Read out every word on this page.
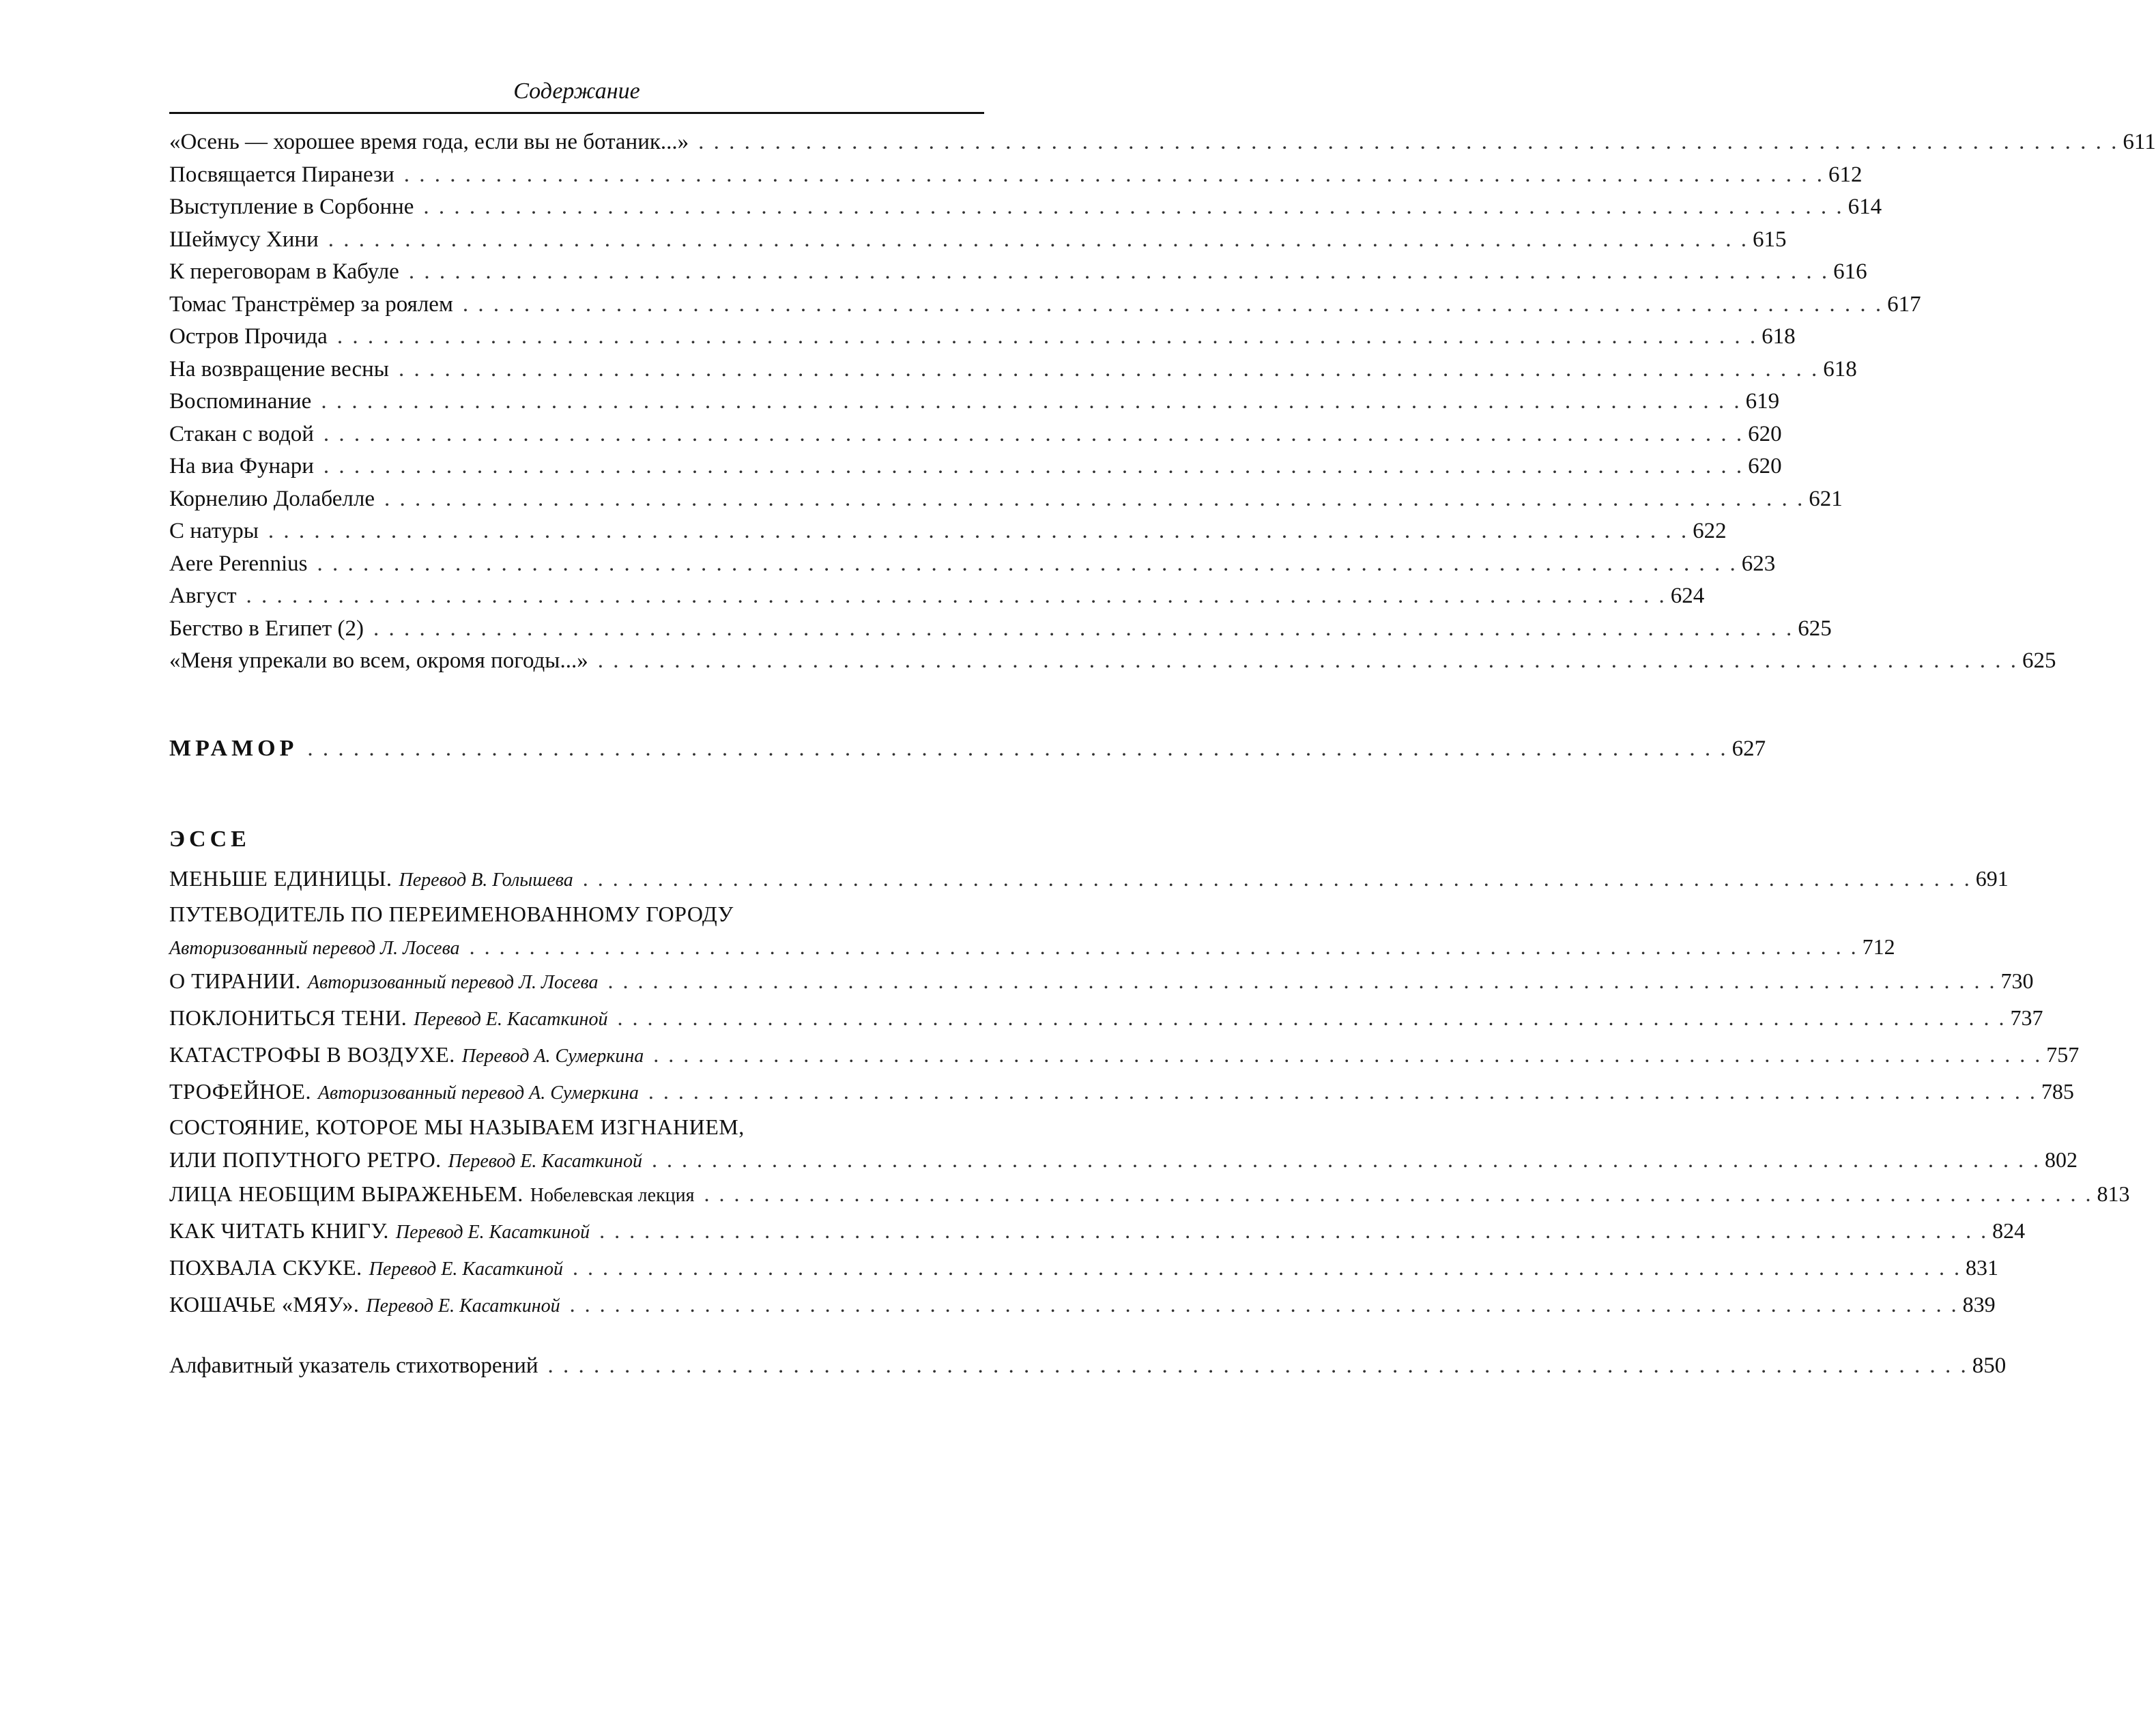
Содержание
«Осень — хорошее время года, если вы не ботаник...» . . . . . . . . . . . . . . . . . . . . . . . . . . . . . . . . . . . . . . . . . . . . . . . . . . . . . . . . . . . . . . . . . . . . . . . . . . . . . . . . . . . . . . . . . . . . . 611
Посвящается Пиранези . . . . . . . . . . . . . . . . . . . . . . . . . . . . . . . . . . . . . . . . . . . . . . . . . . . . . . . . . . . . . . . . . . . . . . . . . . . . . . . . . . . . . . . . . . . . . 612
Выступление в Сорбонне . . . . . . . . . . . . . . . . . . . . . . . . . . . . . . . . . . . . . . . . . . . . . . . . . . . . . . . . . . . . . . . . . . . . . . . . . . . . . . . . . . . . . . . . . . . . . 614
Шеймусу Хини . . . . . . . . . . . . . . . . . . . . . . . . . . . . . . . . . . . . . . . . . . . . . . . . . . . . . . . . . . . . . . . . . . . . . . . . . . . . . . . . . . . . . . . . . . . . . 615
К переговорам в Кабуле . . . . . . . . . . . . . . . . . . . . . . . . . . . . . . . . . . . . . . . . . . . . . . . . . . . . . . . . . . . . . . . . . . . . . . . . . . . . . . . . . . . . . . . . . . . . . 616
Томас Транстрёмер за роялем . . . . . . . . . . . . . . . . . . . . . . . . . . . . . . . . . . . . . . . . . . . . . . . . . . . . . . . . . . . . . . . . . . . . . . . . . . . . . . . . . . . . . . . . . . . . . 617
Остров Прочида . . . . . . . . . . . . . . . . . . . . . . . . . . . . . . . . . . . . . . . . . . . . . . . . . . . . . . . . . . . . . . . . . . . . . . . . . . . . . . . . . . . . . . . . . . . . . 618
На возвращение весны . . . . . . . . . . . . . . . . . . . . . . . . . . . . . . . . . . . . . . . . . . . . . . . . . . . . . . . . . . . . . . . . . . . . . . . . . . . . . . . . . . . . . . . . . . . . . 618
Воспоминание . . . . . . . . . . . . . . . . . . . . . . . . . . . . . . . . . . . . . . . . . . . . . . . . . . . . . . . . . . . . . . . . . . . . . . . . . . . . . . . . . . . . . . . . . . . . . 619
Стакан с водой . . . . . . . . . . . . . . . . . . . . . . . . . . . . . . . . . . . . . . . . . . . . . . . . . . . . . . . . . . . . . . . . . . . . . . . . . . . . . . . . . . . . . . . . . . . . . 620
На виа Фунари . . . . . . . . . . . . . . . . . . . . . . . . . . . . . . . . . . . . . . . . . . . . . . . . . . . . . . . . . . . . . . . . . . . . . . . . . . . . . . . . . . . . . . . . . . . . . 620
Корнелию Долабелле . . . . . . . . . . . . . . . . . . . . . . . . . . . . . . . . . . . . . . . . . . . . . . . . . . . . . . . . . . . . . . . . . . . . . . . . . . . . . . . . . . . . . . . . . . . . . 621
С натуры . . . . . . . . . . . . . . . . . . . . . . . . . . . . . . . . . . . . . . . . . . . . . . . . . . . . . . . . . . . . . . . . . . . . . . . . . . . . . . . . . . . . . . . . . . . . . 622
Aere Perennius . . . . . . . . . . . . . . . . . . . . . . . . . . . . . . . . . . . . . . . . . . . . . . . . . . . . . . . . . . . . . . . . . . . . . . . . . . . . . . . . . . . . . . . . . . . . . 623
Август . . . . . . . . . . . . . . . . . . . . . . . . . . . . . . . . . . . . . . . . . . . . . . . . . . . . . . . . . . . . . . . . . . . . . . . . . . . . . . . . . . . . . . . . . . . . . 624
Бегство в Египет (2) . . . . . . . . . . . . . . . . . . . . . . . . . . . . . . . . . . . . . . . . . . . . . . . . . . . . . . . . . . . . . . . . . . . . . . . . . . . . . . . . . . . . . . . . . . . . . 625
«Меня упрекали во всем, окромя погоды...» . . . . . . . . . . . . . . . . . . . . . . . . . . . . . . . . . . . . . . . . . . . . . . . . . . . . . . . . . . . . . . . . . . . . . . . . . . . . . . . . . . . . . . . . . . . . . 625
МРАМОР . . . . . . . . . . . . . . . . . . . . . . . . . . . . . . . . . . . . . . . . . . . . . . . . . . . . . . . . . . . . . . . . . . . . . . . . . . . . . . . . . . . . . . . . . . . . . 627
ЭССЕ
МЕНЬШЕ ЕДИНИЦЫ. Перевод В. Голышева . . . . . . . . . . . . . . . . . . . . . . . . . . . . . . . . . . . . . . . . . . . . . . . . . . . . . . . . . . . . . . . . . . . . . . . . . . . . . . . . . . . . . . . . . . . . . 691
ПУТЕВОДИТЕЛЬ ПО ПЕРЕИМЕНОВАННОМУ ГОРОДУ
Авторизованный перевод Л. Лосева . . . . . . . . . . . . . . . . . . . . . . . . . . . . . . . . . . . . . . . . . . . . . . . . . . . . . . . . . . . . . . . . . . . . . . . . . . . . . . . . . . . . . . . . . . . . . 712
О ТИРАНИИ. Авторизованный перевод Л. Лосева . . . . . . . . . . . . . . . . . . . . . . . . . . . . . . . . . . . . . . . . . . . . . . . . . . . . . . . . . . . . . . . . . . . . . . . . . . . . . . . . . . . . . . . . . . . . . 730
ПОКЛОНИТЬСЯ ТЕНИ. Перевод Е. Касаткиной . . . . . . . . . . . . . . . . . . . . . . . . . . . . . . . . . . . . . . . . . . . . . . . . . . . . . . . . . . . . . . . . . . . . . . . . . . . . . . . . . . . . . . . . . . . . . 737
КАТАСТРОФЫ В ВОЗДУХЕ. Перевод А. Сумеркина . . . . . . . . . . . . . . . . . . . . . . . . . . . . . . . . . . . . . . . . . . . . . . . . . . . . . . . . . . . . . . . . . . . . . . . . . . . . . . . . . . . . . . . . . . . . . 757
ТРОФЕЙНОЕ. Авторизованный перевод А. Сумеркина . . . . . . . . . . . . . . . . . . . . . . . . . . . . . . . . . . . . . . . . . . . . . . . . . . . . . . . . . . . . . . . . . . . . . . . . . . . . . . . . . . . . . . . . . . . . . 785
СОСТОЯНИЕ, КОТОРОЕ МЫ НАЗЫВАЕМ ИЗГНАНИЕМ,
ИЛИ ПОПУТНОГО РЕТРО. Перевод Е. Касаткиной . . . . . . . . . . . . . . . . . . . . . . . . . . . . . . . . . . . . . . . . . . . . . . . . . . . . . . . . . . . . . . . . . . . . . . . . . . . . . . . . . . . . . . . . . . . . . 802
ЛИЦА НЕОБЩИМ ВЫРАЖЕНЬЕМ. Нобелевская лекция . . . . . . . . . . . . . . . . . . . . . . . . . . . . . . . . . . . . . . . . . . . . . . . . . . . . . . . . . . . . . . . . . . . . . . . . . . . . . . . . . . . . . . . . . . . . . 813
КАК ЧИТАТЬ КНИГУ. Перевод Е. Касаткиной . . . . . . . . . . . . . . . . . . . . . . . . . . . . . . . . . . . . . . . . . . . . . . . . . . . . . . . . . . . . . . . . . . . . . . . . . . . . . . . . . . . . . . . . . . . . . 824
ПОХВАЛА СКУКЕ. Перевод Е. Касаткиной . . . . . . . . . . . . . . . . . . . . . . . . . . . . . . . . . . . . . . . . . . . . . . . . . . . . . . . . . . . . . . . . . . . . . . . . . . . . . . . . . . . . . . . . . . . . . 831
КОШАЧЬЕ «МЯУ». Перевод Е. Касаткиной . . . . . . . . . . . . . . . . . . . . . . . . . . . . . . . . . . . . . . . . . . . . . . . . . . . . . . . . . . . . . . . . . . . . . . . . . . . . . . . . . . . . . . . . . . . . . 839
Алфавитный указатель стихотворений . . . . . . . . . . . . . . . . . . . . . . . . . . . . . . . . . . . . . . . . . . . . . . . . . . . . . . . . . . . . . . . . . . . . . . . . . . . . . . . . . . . . . . . . . . . . . 850
